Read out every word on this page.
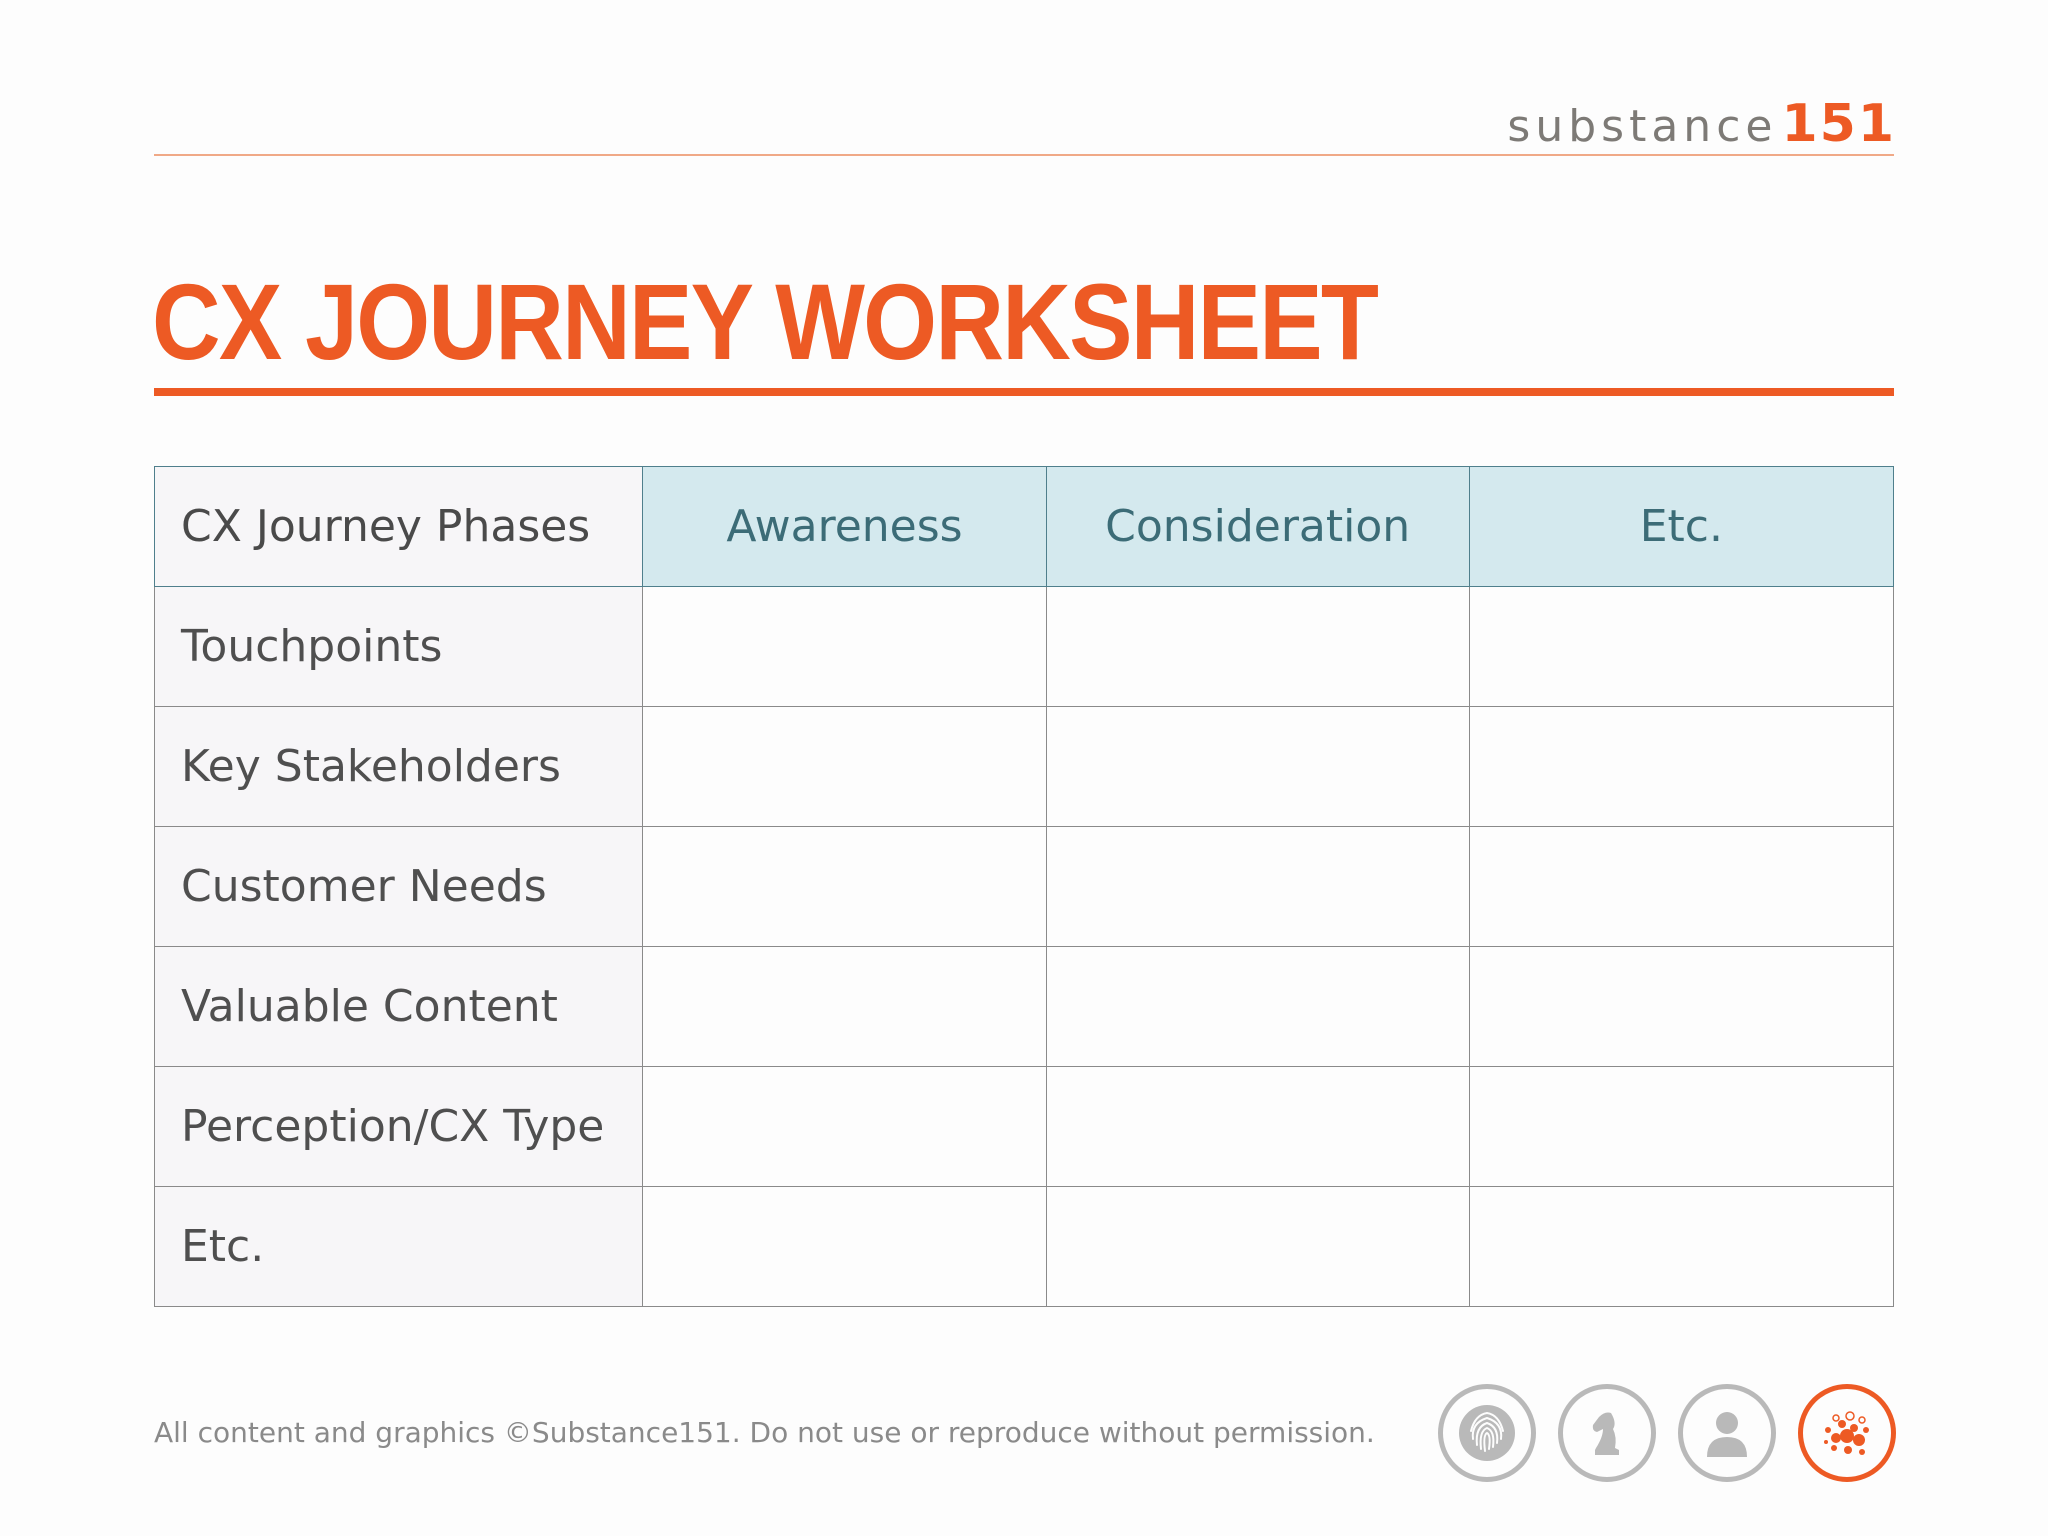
substance 151
CX JOURNEY WORKSHEET
CX Journey Phases	Awareness	Consideration	Etc.
Touchpoints			
Key Stakeholders			
Customer Needs			
Valuable Content			
Perception/CX Type			
Etc.			
All content and graphics ©Substance151. Do not use or reproduce without permission.
